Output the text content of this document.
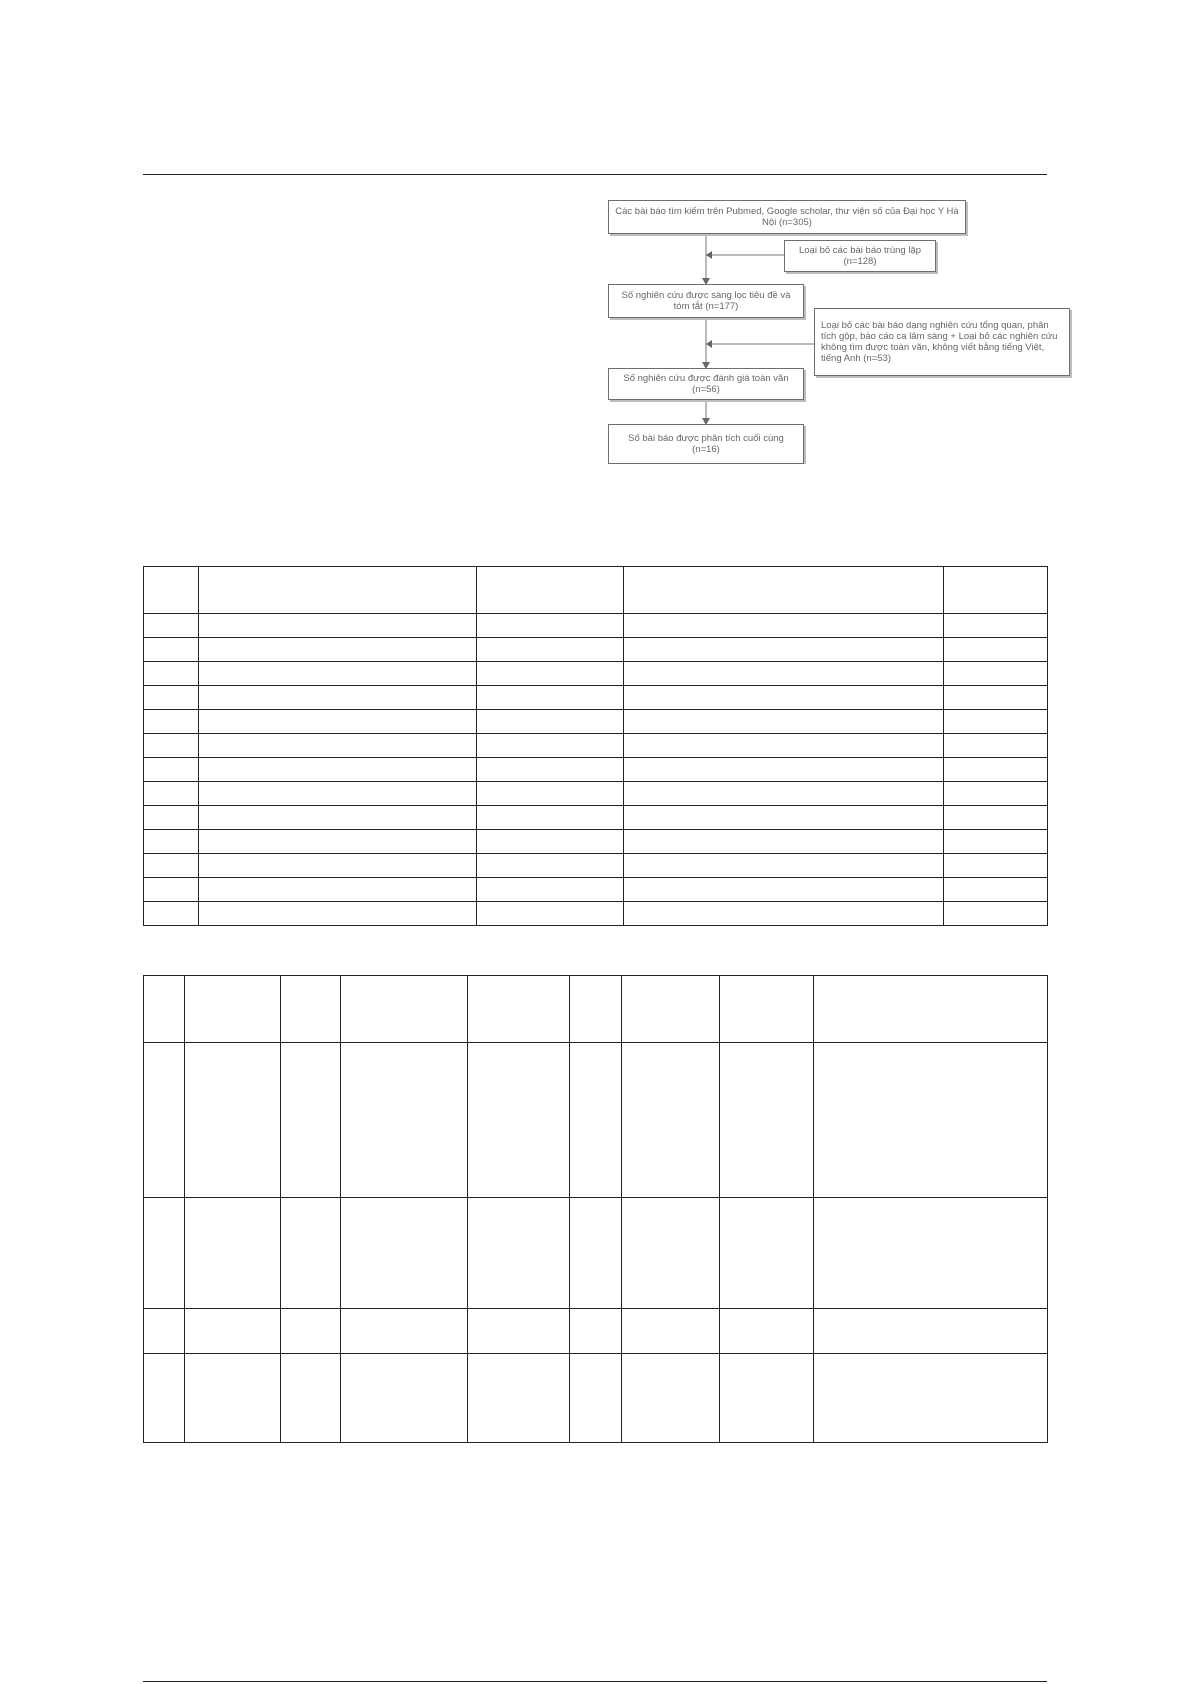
Các bài báo tìm kiếm trên Pubmed, Google scholar, thư viện số của Đại học Y Hà Nội (n=305)
Loại bỏ các bài báo trùng lặp (n=128)
Số nghiên cứu được sàng lọc tiêu đề và tóm tắt (n=177)
Loại bỏ các bài báo dạng nghiên cứu tổng quan, phân tích gộp, báo cáo ca lâm sàng + Loại bỏ các nghiên cứu không tìm được toàn văn, không viết bằng tiếng Việt, tiếng Anh (n=53)
Số nghiên cứu được đánh giá toàn văn (n=56)
Số bài báo được phân tích cuối cùng (n=16)
